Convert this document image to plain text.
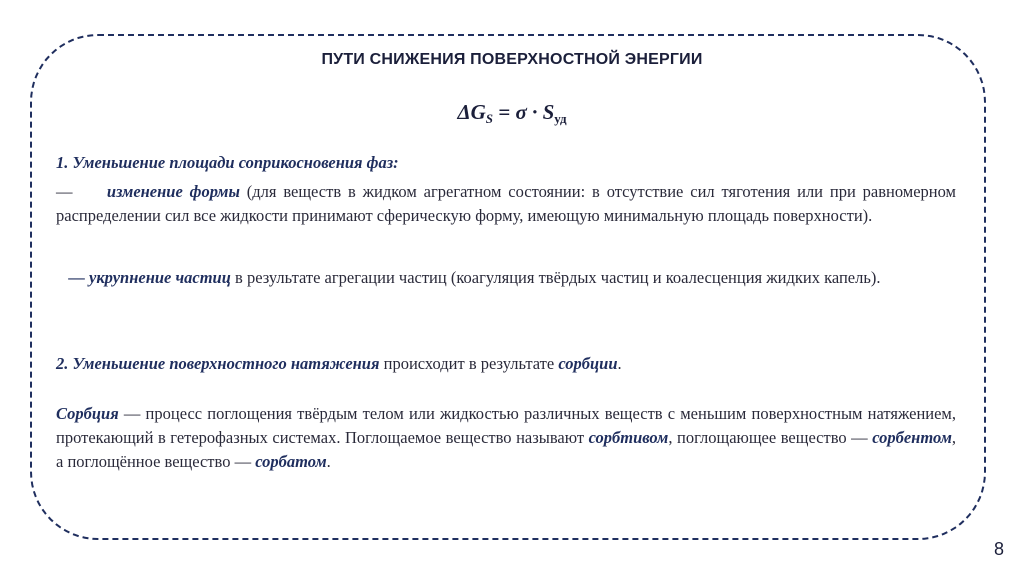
ПУТИ СНИЖЕНИЯ ПОВЕРХНОСТНОЙ ЭНЕРГИИ
$\Delta G_S = \sigma \cdot S_{уд}$
1. Уменьшение площади соприкосновения фаз:
— изменение формы (для веществ в жидком агрегатном состоянии: в отсутствие сил тяготения или при равномерном распределении сил все жидкости принимают сферическую форму, имеющую минимальную площадь поверхности).
— укрупнение частиц в результате агрегации частиц (коагуляция твёрдых частиц и коалесценция жидких капель).
2. Уменьшение поверхностного натяжения происходит в результате сорбции.
Сорбция — процесс поглощения твёрдым телом или жидкостью различных веществ с меньшим поверхностным натяжением, протекающий в гетерофазных системах. Поглощаемое вещество называют сорбтивом, поглощающее вещество — сорбентом, а поглощённое вещество — сорбатом.
8
